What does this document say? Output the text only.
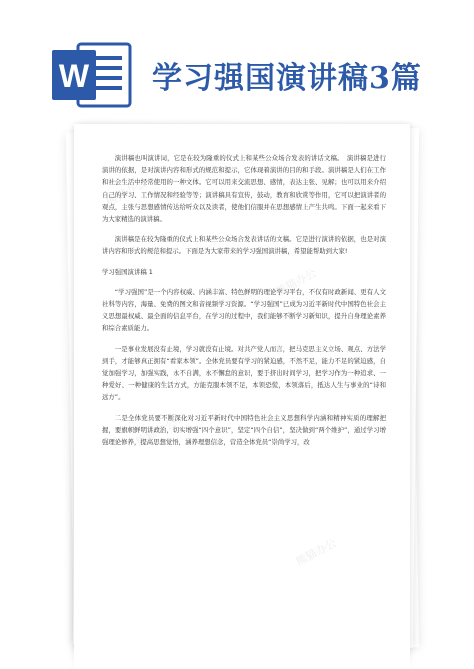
W 学习强国演讲稿3篇
熊猫办公
熊猫办公
熊猫办公
熊猫办公

演讲稿也叫演讲词，它是在较为隆重的仪式上和某些公众场合发表的讲话文稿。　演讲稿是进行演讲的依据，是对演讲内容和形式的规范和提示，它体现着演讲的目的和手段。演讲稿是人们在工作和社会生活中经常使用的一种文体。它可以用来交流思想、感情，表达主张、见解；也可以用来介绍自己的学习、工作情况和经验等等；演讲稿具有宣传，鼓动，教育和欣赏等作用，它可以把演讲者的观点，主张与思想感情传达给听众以及读者，使他们信服并在思想感情上产生共鸣。下面一起来看下为大家精选的演讲稿。

演讲稿是在较为隆重的仪式上和某些公众场合发表讲话的文稿。它是进行演讲的依据，也是对演讲内容和形式的规范和提示。下面是为大家带来的学习强国演讲稿，希望能帮助到大家!

学习强国演讲稿 1

“学习强国”是一个内容权威、内涵丰富、特色鲜明的理论学习平台，不仅有时政新闻、更有人文社科等内容，海量、免费的图文和音视频学习资源。“学习强国”已成为习近平新时代中国特色社会主义思想最权威、最全面的信息平台，在学习的过程中，我们能够不断学习新知识，提升自身理论素养和综合素质能力。

一是事业发展没有止境，学习就没有止境。对共产党人而言，把马克思主义立场、观点、方法学到手，才能够真正拥有“看家本领”。全体党员要有学习的紧迫感，不然不足，能力不足的紧迫感，自觉加强学习，加强实践，永不自满，永不懈怠的意识，要于挤出时间学习，把学习作为一种追求、一种爱好、一种健康的生活方式，方能克服本领不足，本领恐慌，本领落后，抵达人生与事业的“诗和远方”。

二是全体党员要不断深化对习近平新时代中国特色社会主义思想科学内涵和精神实质的理解把握，要旗帜鲜明讲政治，切实增强“四个意识”，坚定“四个自信”，坚决做到“两个维护”，通过学习增强理论修养，提高思想觉悟，涵养理想信念，营造全体党员“崇尚学习，改
